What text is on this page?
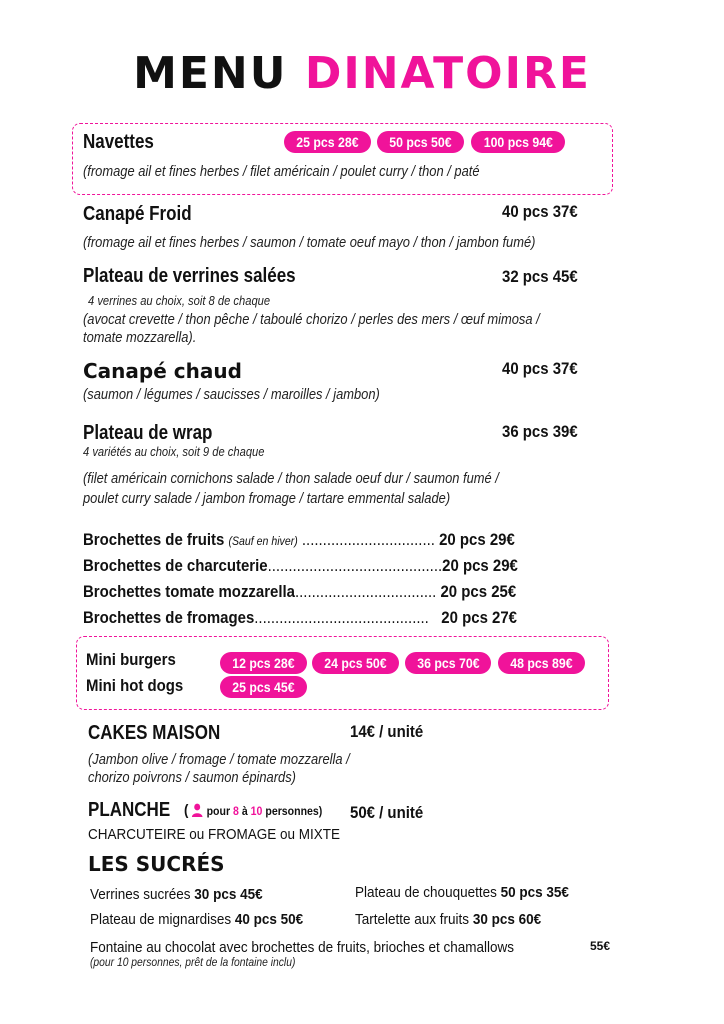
MENU DINATOIRE
Navettes	25 pcs 28€ 50 pcs 50€ 100 pcs 94€
(fromage ail et fines herbes / filet américain / poulet curry / thon / paté
Canapé Froid	40 pcs 37€
(fromage ail et fines herbes / saumon / tomate oeuf mayo / thon / jambon fumé)
Plateau de verrines salées	32 pcs 45€
4 verrines au choix, soit 8 de chaque
(avocat crevette / thon pêche / taboulé chorizo / perles des mers / œuf mimosa /
tomate mozzarella).
Canapé chaud	40 pcs 37€
(saumon / légumes / saucisses / maroilles / jambon)
Plateau de wrap	36 pcs 39€
4 variétés au choix, soit 9 de chaque
(filet américain cornichons salade / thon salade oeuf dur / saumon fumé /
poulet curry salade / jambon fromage / tartare emmental salade)
Brochettes de fruits (Sauf en hiver) ................................ 20 pcs 29€
Brochettes de charcuterie..........................................20 pcs 29€
Brochettes tomate mozzarella.................................. 20 pcs 25€
Brochettes de fromages.......................................... 20 pcs 27€
Mini burgers	12 pcs 28€ 24 pcs 50€ 36 pcs 70€ 48 pcs 89€
Mini hot dogs	25 pcs 45€
CAKES MAISON	14€ / unité
(Jambon olive / fromage / tomate mozzarella /
chorizo poivrons / saumon épinards)
PLANCHE ( pour 8 à 10 personnes) 50€ / unité
CHARCUTEIRE ou FROMAGE ou MIXTE
LES SUCRÉS
Verrines sucrées 30 pcs 45€	Plateau de chouquettes 50 pcs 35€
Plateau de mignardises 40 pcs 50€	Tartelette aux fruits 30 pcs 60€
Fontaine au chocolat avec brochettes de fruits, brioches et chamallows	55€
(pour 10 personnes, prêt de la fontaine inclu)
